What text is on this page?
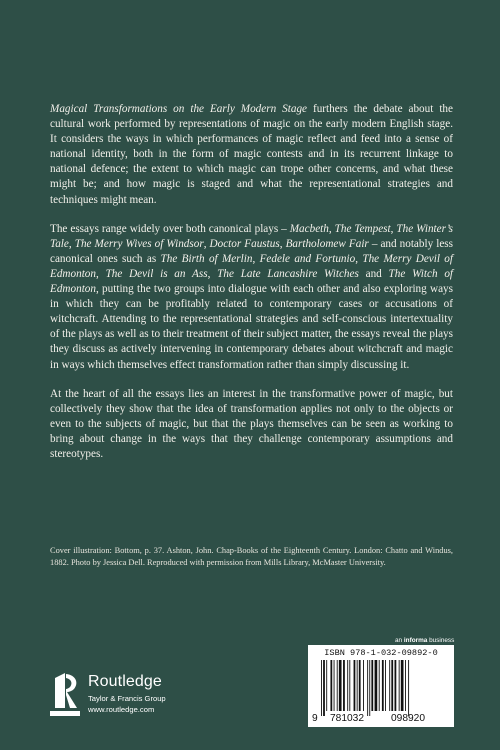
Magical Transformations on the Early Modern Stage furthers the debate about the cultural work performed by representations of magic on the early modern English stage. It considers the ways in which performances of magic reflect and feed into a sense of national identity, both in the form of magic contests and in its recurrent linkage to national defence; the extent to which magic can trope other concerns, and what these might be; and how magic is staged and what the representational strategies and techniques might mean.

The essays range widely over both canonical plays – Macbeth, The Tempest, The Winter’s Tale, The Merry Wives of Windsor, Doctor Faustus, Bartholomew Fair – and notably less canonical ones such as The Birth of Merlin, Fedele and Fortunio, The Merry Devil of Edmonton, The Devil is an Ass, The Late Lancashire Witches and The Witch of Edmonton, putting the two groups into dialogue with each other and also exploring ways in which they can be profitably related to contemporary cases or accusations of witchcraft. Attending to the representational strategies and self-conscious intertextuality of the plays as well as to their treatment of their subject matter, the essays reveal the plays they discuss as actively intervening in contemporary debates about witchcraft and magic in ways which themselves effect transformation rather than simply discussing it.

At the heart of all the essays lies an interest in the transformative power of magic, but collectively they show that the idea of transformation applies not only to the objects or even to the subjects of magic, but that the plays themselves can be seen as working to bring about change in the ways that they challenge contemporary assumptions and stereotypes.

Cover illustration: Bottom, p. 37. Ashton, John. Chap-Books of the Eighteenth Century. London: Chatto and Windus, 1882. Photo by Jessica Dell. Reproduced with permission from Mills Library, McMaster University.
an informa business
Routledge
Taylor & Francis Group
www.routledge.com
ISBN 978-1-032-09892-0
9 781032	098920
